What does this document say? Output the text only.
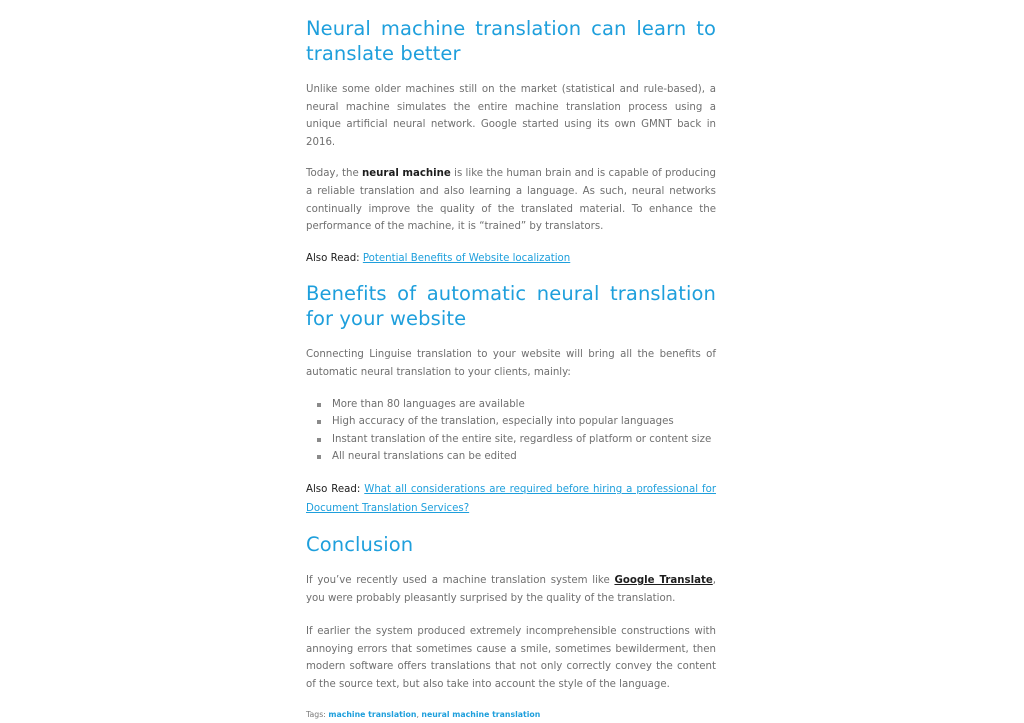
Neural machine translation can learn to translate better

Unlike some older machines still on the market (statistical and rule-based), a neural machine simulates the entire machine translation process using a unique artificial neural network. Google started using its own GMNT back in 2016.

Today, the neural machine is like the human brain and is capable of producing a reliable translation and also learning a language. As such, neural networks continually improve the quality of the translated material. To enhance the performance of the machine, it is “trained” by translators.

Also Read: Potential Benefits of Website localization

Benefits of automatic neural translation for your website

Connecting Linguise translation to your website will bring all the benefits of automatic neural translation to your clients, mainly:

More than 80 languages are available
High accuracy of the translation, especially into popular languages
Instant translation of the entire site, regardless of platform or content size
All neural translations can be edited

Also Read: What all considerations are required before hiring a professional for Document Translation Services?

Conclusion

If you’ve recently used a machine translation system like Google Translate, you were probably pleasantly surprised by the quality of the translation.

If earlier the system produced extremely incomprehensible constructions with annoying errors that sometimes cause a smile, sometimes bewilderment, then modern software offers translations that not only correctly convey the content of the source text, but also take into account the style of the language.

Tags: machine translation, neural machine translation
